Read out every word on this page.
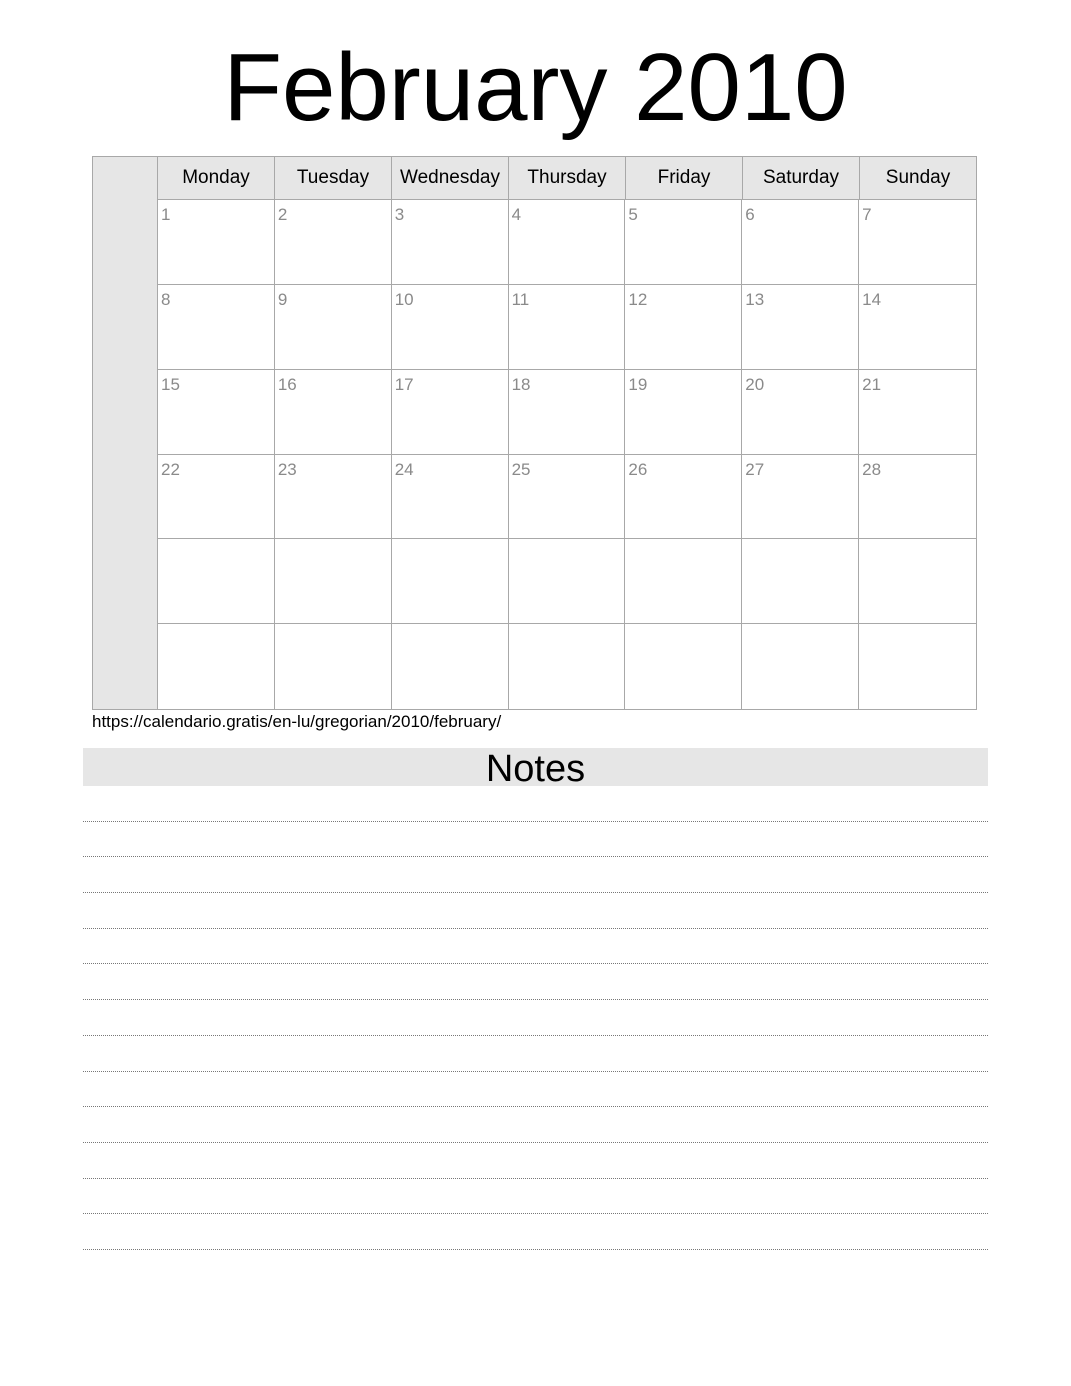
February 2010
Monday	Tuesday	Wednesday	Thursday	Friday	Saturday	Sunday
1	2	3	4	5	6	7
8	9	10	11	12	13	14
15	16	17	18	19	20	21
22	23	24	25	26	27	28
https://calendario.gratis/en-lu/gregorian/2010/february/
Notes
